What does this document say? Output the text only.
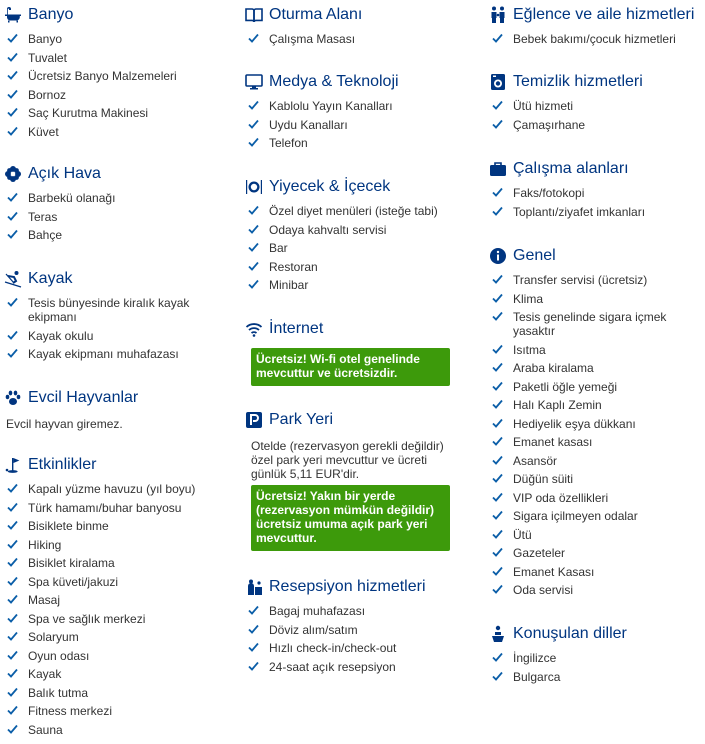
Banyo
Banyo
Tuvalet
Ücretsiz Banyo Malzemeleri
Bornoz
Saç Kurutma Makinesi
Küvet
Açık Hava
Barbekü olanağı
Teras
Bahçe
Kayak
Tesis bünyesinde kiralık kayak ekipmanı
Kayak okulu
Kayak ekipmanı muhafazası
Evcil Hayvanlar
Evcil hayvan giremez.
Etkinlikler
Kapalı yüzme havuzu (yıl boyu)
Türk hamamı/buhar banyosu
Bisiklete binme
Hiking
Bisiklet kiralama
Spa küveti/jakuzi
Masaj
Spa ve sağlık merkezi
Solaryum
Oyun odası
Kayak
Balık tutma
Fitness merkezi
Sauna
Oturma Alanı
Çalışma Masası
Medya & Teknoloji
Kablolu Yayın Kanalları
Uydu Kanalları
Telefon
Yiyecek & İçecek
Özel diyet menüleri (isteğe tabi)
Odaya kahvaltı servisi
Bar
Restoran
Minibar
İnternet
Ücretsiz! Wi-fi otel genelinde mevcuttur ve ücretsizdir.
Park Yeri
Otelde (rezervasyon gerekli değildir) özel park yeri mevcuttur ve ücreti günlük 5,11 EUR'dir.
Ücretsiz! Yakın bir yerde (rezervasyon mümkün değildir) ücretsiz umuma açık park yeri mevcuttur.
Resepsiyon hizmetleri
Bagaj muhafazası
Döviz alım/satım
Hızlı check-in/check-out
24-saat açık resepsiyon
Eğlence ve aile hizmetleri
Bebek bakımı/çocuk hizmetleri
Temizlik hizmetleri
Ütü hizmeti
Çamaşırhane
Çalışma alanları
Faks/fotokopi
Toplantı/ziyafet imkanları
Genel
Transfer servisi (ücretsiz)
Klima
Tesis genelinde sigara içmek yasaktır
Isıtma
Araba kiralama
Paketli öğle yemeği
Halı Kaplı Zemin
Hediyelik eşya dükkanı
Emanet kasası
Asansör
Düğün süiti
VIP oda özellikleri
Sigara içilmeyen odalar
Ütü
Gazeteler
Emanet Kasası
Oda servisi
Konuşulan diller
İngilizce
Bulgarca
